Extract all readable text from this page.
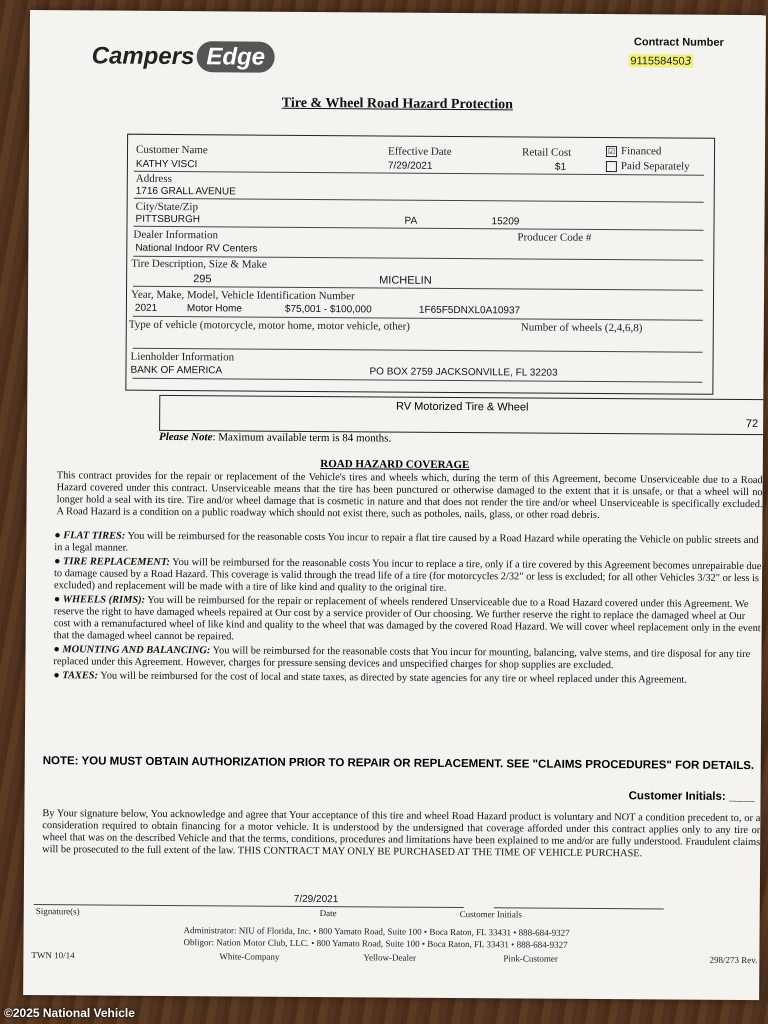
Campers Edge
Contract Number
9115584503
Tire & Wheel Road Hazard Protection
Customer Name	Effective Date	Retail Cost	☑ Financed
Paid Separately
KATHY VISCI	7/29/2021	$1
Address
1716 GRALL AVENUE
City/State/Zip
PITTSBURGH	PA	15209
Dealer Information	Producer Code #
National Indoor RV Centers
Tire Description, Size & Make
295	MICHELIN
Year, Make, Model, Vehicle Identification Number
2021	Motor Home	$75,001 - $100,000	1F65F5DNXL0A10937
Type of vehicle (motorcycle, motor home, motor vehicle, other)	Number of wheels (2,4,6,8)
Lienholder Information
BANK OF AMERICA	PO BOX 2759 JACKSONVILLE, FL 32203
RV Motorized Tire & Wheel
72
Please Note: Maximum available term is 84 months.
ROAD HAZARD COVERAGE
This contract provides for the repair or replacement of the Vehicle's tires and wheels which, during the term of this Agreement, become Unserviceable due to a Road Hazard covered under this contract. Unserviceable means that the tire has been punctured or otherwise damaged to the extent that it is unsafe, or that a wheel will no longer hold a seal with its tire. Tire and/or wheel damage that is cosmetic in nature and that does not render the tire and/or wheel Unserviceable is specifically excluded. A Road Hazard is a condition on a public roadway which should not exist there, such as potholes, nails, glass, or other road debris.
● FLAT TIRES: You will be reimbursed for the reasonable costs You incur to repair a flat tire caused by a Road Hazard while operating the Vehicle on public streets and in a legal manner.
● TIRE REPLACEMENT: You will be reimbursed for the reasonable costs You incur to replace a tire, only if a tire covered by this Agreement becomes unrepairable due to damage caused by a Road Hazard. This coverage is valid through the tread life of a tire (for motorcycles 2/32" or less is excluded; for all other Vehicles 3/32" or less is excluded) and replacement will be made with a tire of like kind and quality to the original tire.
● WHEELS (RIMS): You will be reimbursed for the repair or replacement of wheels rendered Unserviceable due to a Road Hazard covered under this Agreement. We reserve the right to have damaged wheels repaired at Our cost by a service provider of Our choosing. We further reserve the right to replace the damaged wheel at Our cost with a remanufactured wheel of like kind and quality to the wheel that was damaged by the covered Road Hazard. We will cover wheel replacement only in the event that the damaged wheel cannot be repaired.
● MOUNTING AND BALANCING: You will be reimbursed for the reasonable costs that You incur for mounting, balancing, valve stems, and tire disposal for any tire replaced under this Agreement. However, charges for pressure sensing devices and unspecified charges for shop supplies are excluded.
● TAXES: You will be reimbursed for the cost of local and state taxes, as directed by state agencies for any tire or wheel replaced under this Agreement.
NOTE: YOU MUST OBTAIN AUTHORIZATION PRIOR TO REPAIR OR REPLACEMENT. SEE "CLAIMS PROCEDURES" FOR DETAILS.
Customer Initials: ____
By Your signature below, You acknowledge and agree that Your acceptance of this tire and wheel Road Hazard product is voluntary and NOT a condition precedent to, or a consideration required to obtain financing for a motor vehicle. It is understood by the undersigned that coverage afforded under this contract applies only to any tire or wheel that was on the described Vehicle and that the terms, conditions, procedures and limitations have been explained to me and/or are fully understood. Fraudulent claims will be prosecuted to the full extent of the law. THIS CONTRACT MAY ONLY BE PURCHASED AT THE TIME OF VEHICLE PURCHASE.
7/29/2021
Signature(s)	Date	Customer Initials
Administrator: NIU of Florida, Inc. • 800 Yamato Road, Suite 100 • Boca Raton, FL 33431 • 888-684-9327
Obligor: Nation Motor Club, LLC. • 800 Yamato Road, Suite 100 • Boca Raton, FL 33431 • 888-684-9327
TWN 10/14	White-Company	Yellow-Dealer	Pink-Customer	298/273 Rev.
©2025 National Vehicle
